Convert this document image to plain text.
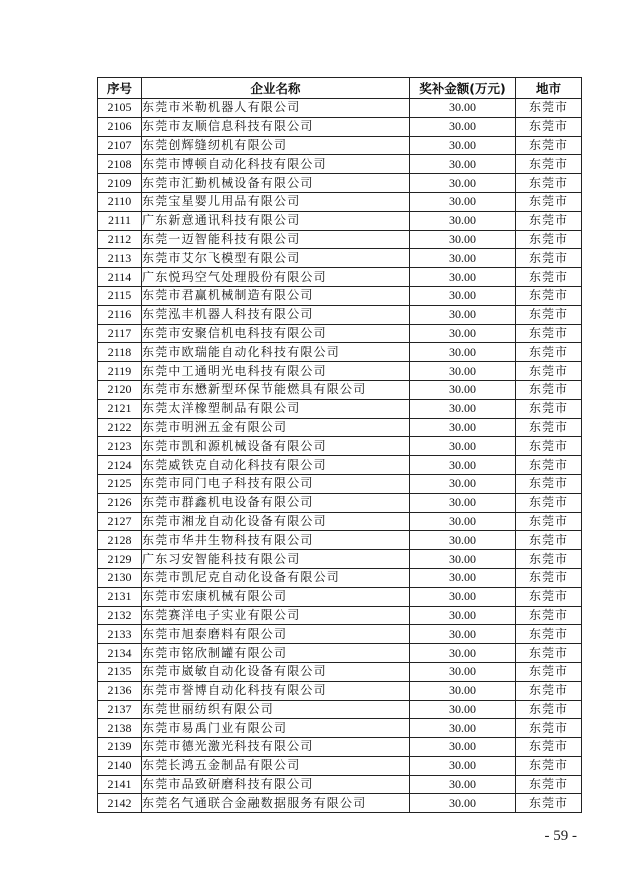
序号	企业名称	奖补金额(万元)	地市
2105	东莞市米勒机器人有限公司	30.00	东莞市
2106	东莞市友顺信息科技有限公司	30.00	东莞市
2107	东莞创辉缝纫机有限公司	30.00	东莞市
2108	东莞市博顿自动化科技有限公司	30.00	东莞市
2109	东莞市汇勤机械设备有限公司	30.00	东莞市
2110	东莞宝星婴儿用品有限公司	30.00	东莞市
2111	广东新意通讯科技有限公司	30.00	东莞市
2112	东莞一迈智能科技有限公司	30.00	东莞市
2113	东莞市艾尔飞模型有限公司	30.00	东莞市
2114	广东悦玛空气处理股份有限公司	30.00	东莞市
2115	东莞市君赢机械制造有限公司	30.00	东莞市
2116	东莞泓丰机器人科技有限公司	30.00	东莞市
2117	东莞市安聚信机电科技有限公司	30.00	东莞市
2118	东莞市欧瑞能自动化科技有限公司	30.00	东莞市
2119	东莞中工通明光电科技有限公司	30.00	东莞市
2120	东莞市东懋新型环保节能燃具有限公司	30.00	东莞市
2121	东莞太洋橡塑制品有限公司	30.00	东莞市
2122	东莞市明洲五金有限公司	30.00	东莞市
2123	东莞市凯和源机械设备有限公司	30.00	东莞市
2124	东莞威铁克自动化科技有限公司	30.00	东莞市
2125	东莞市同门电子科技有限公司	30.00	东莞市
2126	东莞市群鑫机电设备有限公司	30.00	东莞市
2127	东莞市湘龙自动化设备有限公司	30.00	东莞市
2128	东莞市华井生物科技有限公司	30.00	东莞市
2129	广东习安智能科技有限公司	30.00	东莞市
2130	东莞市凯尼克自动化设备有限公司	30.00	东莞市
2131	东莞市宏康机械有限公司	30.00	东莞市
2132	东莞赛洋电子实业有限公司	30.00	东莞市
2133	东莞市旭泰磨料有限公司	30.00	东莞市
2134	东莞市铭欣制罐有限公司	30.00	东莞市
2135	东莞市崴敏自动化设备有限公司	30.00	东莞市
2136	东莞市誉博自动化科技有限公司	30.00	东莞市
2137	东莞世丽纺织有限公司	30.00	东莞市
2138	东莞市易禹门业有限公司	30.00	东莞市
2139	东莞市德光激光科技有限公司	30.00	东莞市
2140	东莞长鸿五金制品有限公司	30.00	东莞市
2141	东莞市品致研磨科技有限公司	30.00	东莞市
2142	东莞名气通联合金融数据服务有限公司	30.00	东莞市
- 59 -
